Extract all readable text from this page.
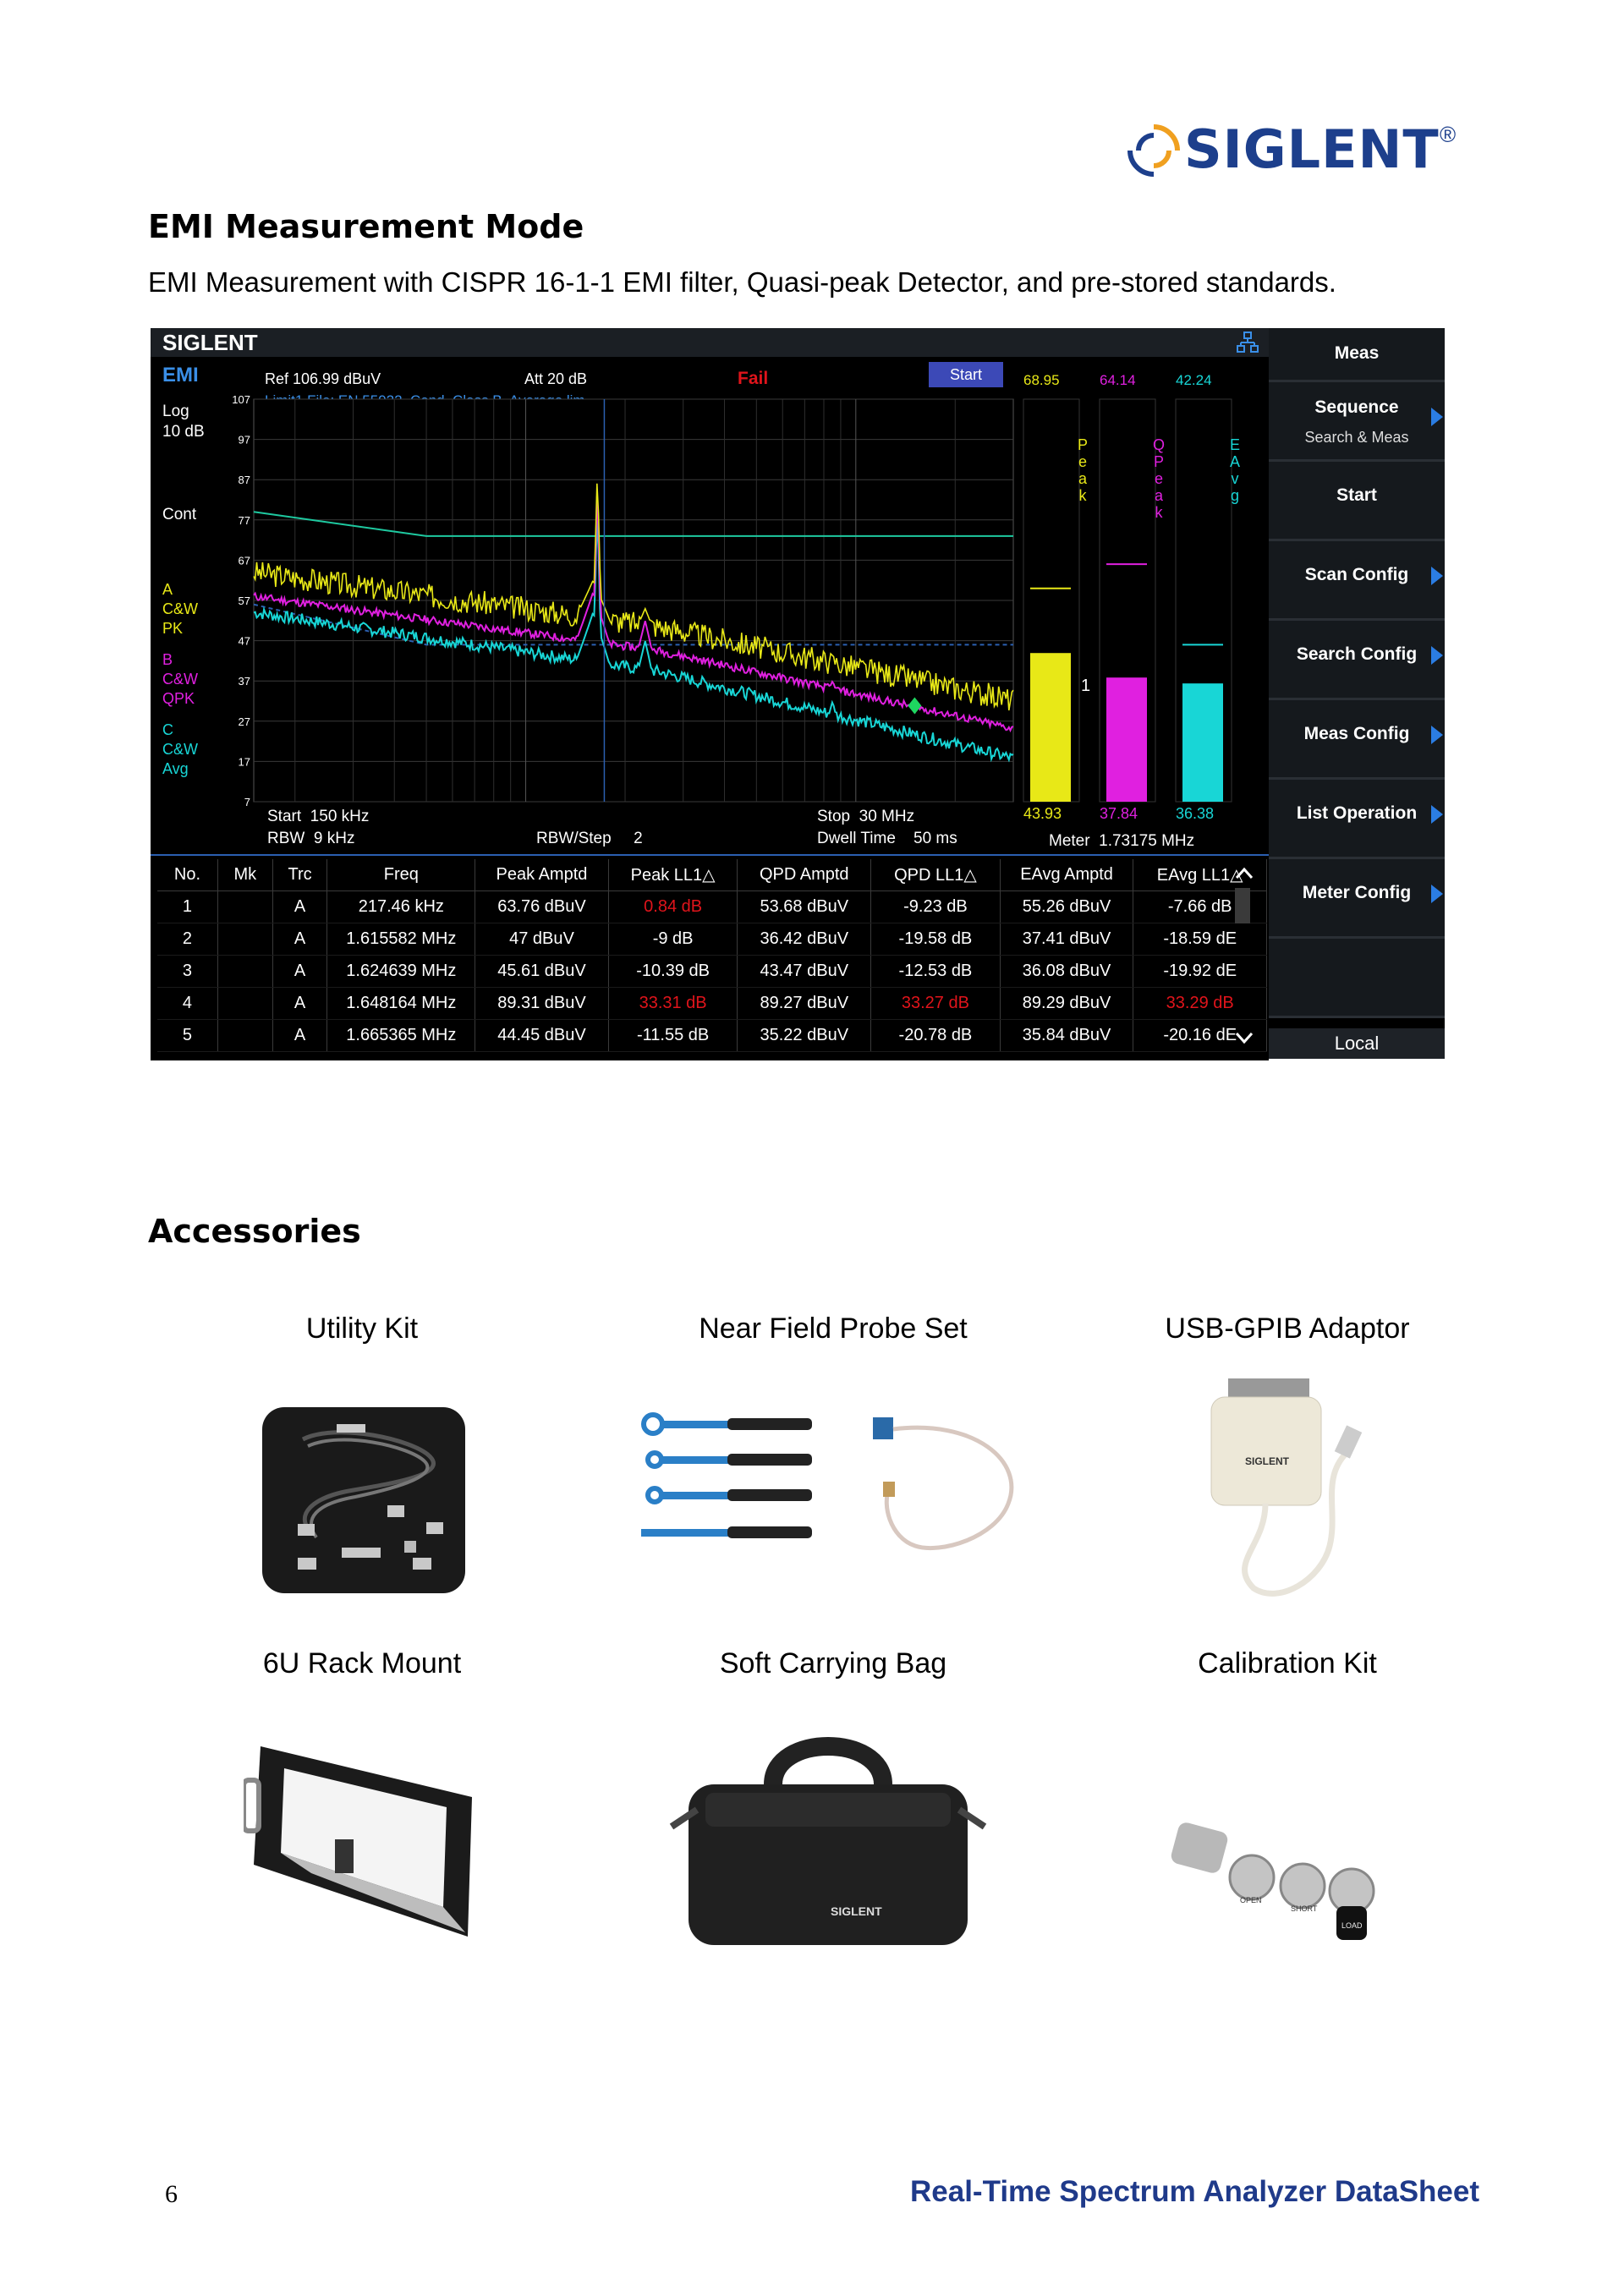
SIGLENT ®
EMI Measurement Mode
EMI Measurement with CISPR 16-1-1 EMI filter, Quasi-peak Detector, and pre-stored standards.
SIGLENT
EMI
Log
10 dB
Cont
A
C&W
PK
B
C&W
QPK
C
C&W
Avg
Ref 106.99 dBuV	Att 20 dB	Fail	Start
107
97
87
77
67
57
47
37
27
17
7
P
e
a
k
Q
P
e
a
k
E
A
v
g
1
Start  150 kHz
RBW  9 kHz	RBW/Step     2
Stop  30 MHz
Dwell Time    50 ms	Meter  1.73175 MHz
68.95
43.93
64.14
37.84
42.24
36.38
No.	Mk	Trc	Freq	Peak Amptd	Peak LL1△	QPD Amptd	QPD LL1△	EAvg Amptd	EAvg LL1△
1		A	217.46 kHz	63.76 dBuV	0.84 dB	53.68 dBuV	-9.23 dB	55.26 dBuV	-7.66 dB
2		A	1.615582 MHz	47 dBuV	-9 dB	36.42 dBuV	-19.58 dB	37.41 dBuV	-18.59 dE
3		A	1.624639 MHz	45.61 dBuV	-10.39 dB	43.47 dBuV	-12.53 dB	36.08 dBuV	-19.92 dE
4		A	1.648164 MHz	89.31 dBuV	33.31 dB	89.27 dBuV	33.27 dB	89.29 dBuV	33.29 dB
5		A	1.665365 MHz	44.45 dBuV	-11.55 dB	35.22 dBuV	-20.78 dB	35.84 dBuV	-20.16 dE
Meas
Sequence
Search & Meas
Start
Scan Config
Search Config
Meas Config
List Operation
Meter Config
Local
Accessories
Utility Kit	Near Field Probe Set	USB-GPIB Adaptor
6U Rack Mount	Soft Carrying Bag	Calibration Kit
SIGLENT
SIGLENT
OPEN
SHORT
LOAD
6	Real-Time Spectrum Analyzer DataSheet
